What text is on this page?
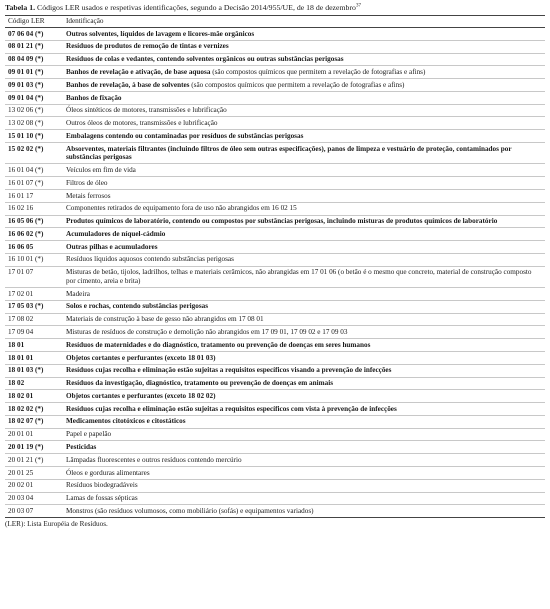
Tabela 1. Códigos LER usados e respetivas identificações, segundo a Decisão 2014/955/UE, de 18 de dezembro$^{37}$
Código LER	Identificação
07 06 04 (*)	Outros solventes, líquidos de lavagem e licores-mãe orgânicos
08 01 21 (*)	Resíduos de produtos de remoção de tintas e vernizes
08 04 09 (*)	Resíduos de colas e vedantes, contendo solventes orgânicos ou outras substâncias perigosas
09 01 01 (*)	Banhos de revelação e ativação, de base aquosa (são compostos químicos que permitem a revelação de fotografias e afins)
09 01 03 (*)	Banhos de revelação, à base de solventes (são compostos químicos que permitem a revelação de fotografias e afins)
09 01 04 (*)	Banhos de fixação
13 02 06 (*)	Óleos sintéticos de motores, transmissões e lubrificação
13 02 08 (*)	Outros óleos de motores, transmissões e lubrificação
15 01 10 (*)	Embalagens contendo ou contaminadas por resíduos de substâncias perigosas
15 02 02 (*)	Absorventes, materiais filtrantes (incluindo filtros de óleo sem outras especificações), panos de limpeza e vestuário de proteção, contaminados por substâncias perigosas
16 01 04 (*)	Veículos em fim de vida
16 01 07 (*)	Filtros de óleo
16 01 17	Metais ferrosos
16 02 16	Componentes retirados de equipamento fora de uso não abrangidos em 16 02 15
16 05 06 (*)	Produtos químicos de laboratório, contendo ou compostos por substâncias perigosas, incluindo misturas de produtos químicos de laboratório
16 06 02 (*)	Acumuladores de níquel-cádmio
16 06 05	Outras pilhas e acumuladores
16 10 01 (*)	Resíduos líquidos aquosos contendo substâncias perigosas
17 01 07	Misturas de betão, tijolos, ladrilhos, telhas e materiais cerâmicos, não abrangidas em 17 01 06 (o betão é o mesmo que concreto, material de construção composto por cimento, areia e brita)
17 02 01	Madeira
17 05 03 (*)	Solos e rochas, contendo substâncias perigosas
17 08 02	Materiais de construção à base de gesso não abrangidos em 17 08 01
17 09 04	Misturas de resíduos de construção e demolição não abrangidos em 17 09 01, 17 09 02 e 17 09 03
18 01	Resíduos de maternidades e do diagnóstico, tratamento ou prevenção de doenças em seres humanos
18 01 01	Objetos cortantes e perfurantes (exceto 18 01 03)
18 01 03 (*)	Resíduos cujas recolha e eliminação estão sujeitas a requisitos específicos visando a prevenção de infecções
18 02	Resíduos da investigação, diagnóstico, tratamento ou prevenção de doenças em animais
18 02 01	Objetos cortantes e perfurantes (exceto 18 02 02)
18 02 02 (*)	Resíduos cujas recolha e eliminação estão sujeitas a requisitos específicos com vista à prevenção de infecções
18 02 07 (*)	Medicamentos citotóxicos e citostáticos
20 01 01	Papel e papelão
20 01 19 (*)	Pesticidas
20 01 21 (*)	Lâmpadas fluorescentes e outros resíduos contendo mercúrio
20 01 25	Óleos e gorduras alimentares
20 02 01	Resíduos biodegradáveis
20 03 04	Lamas de fossas sépticas
20 03 07	Monstros (são resíduos volumosos, como mobiliário (sofás) e equipamentos variados)
(LER): Lista Européia de Resíduos.
